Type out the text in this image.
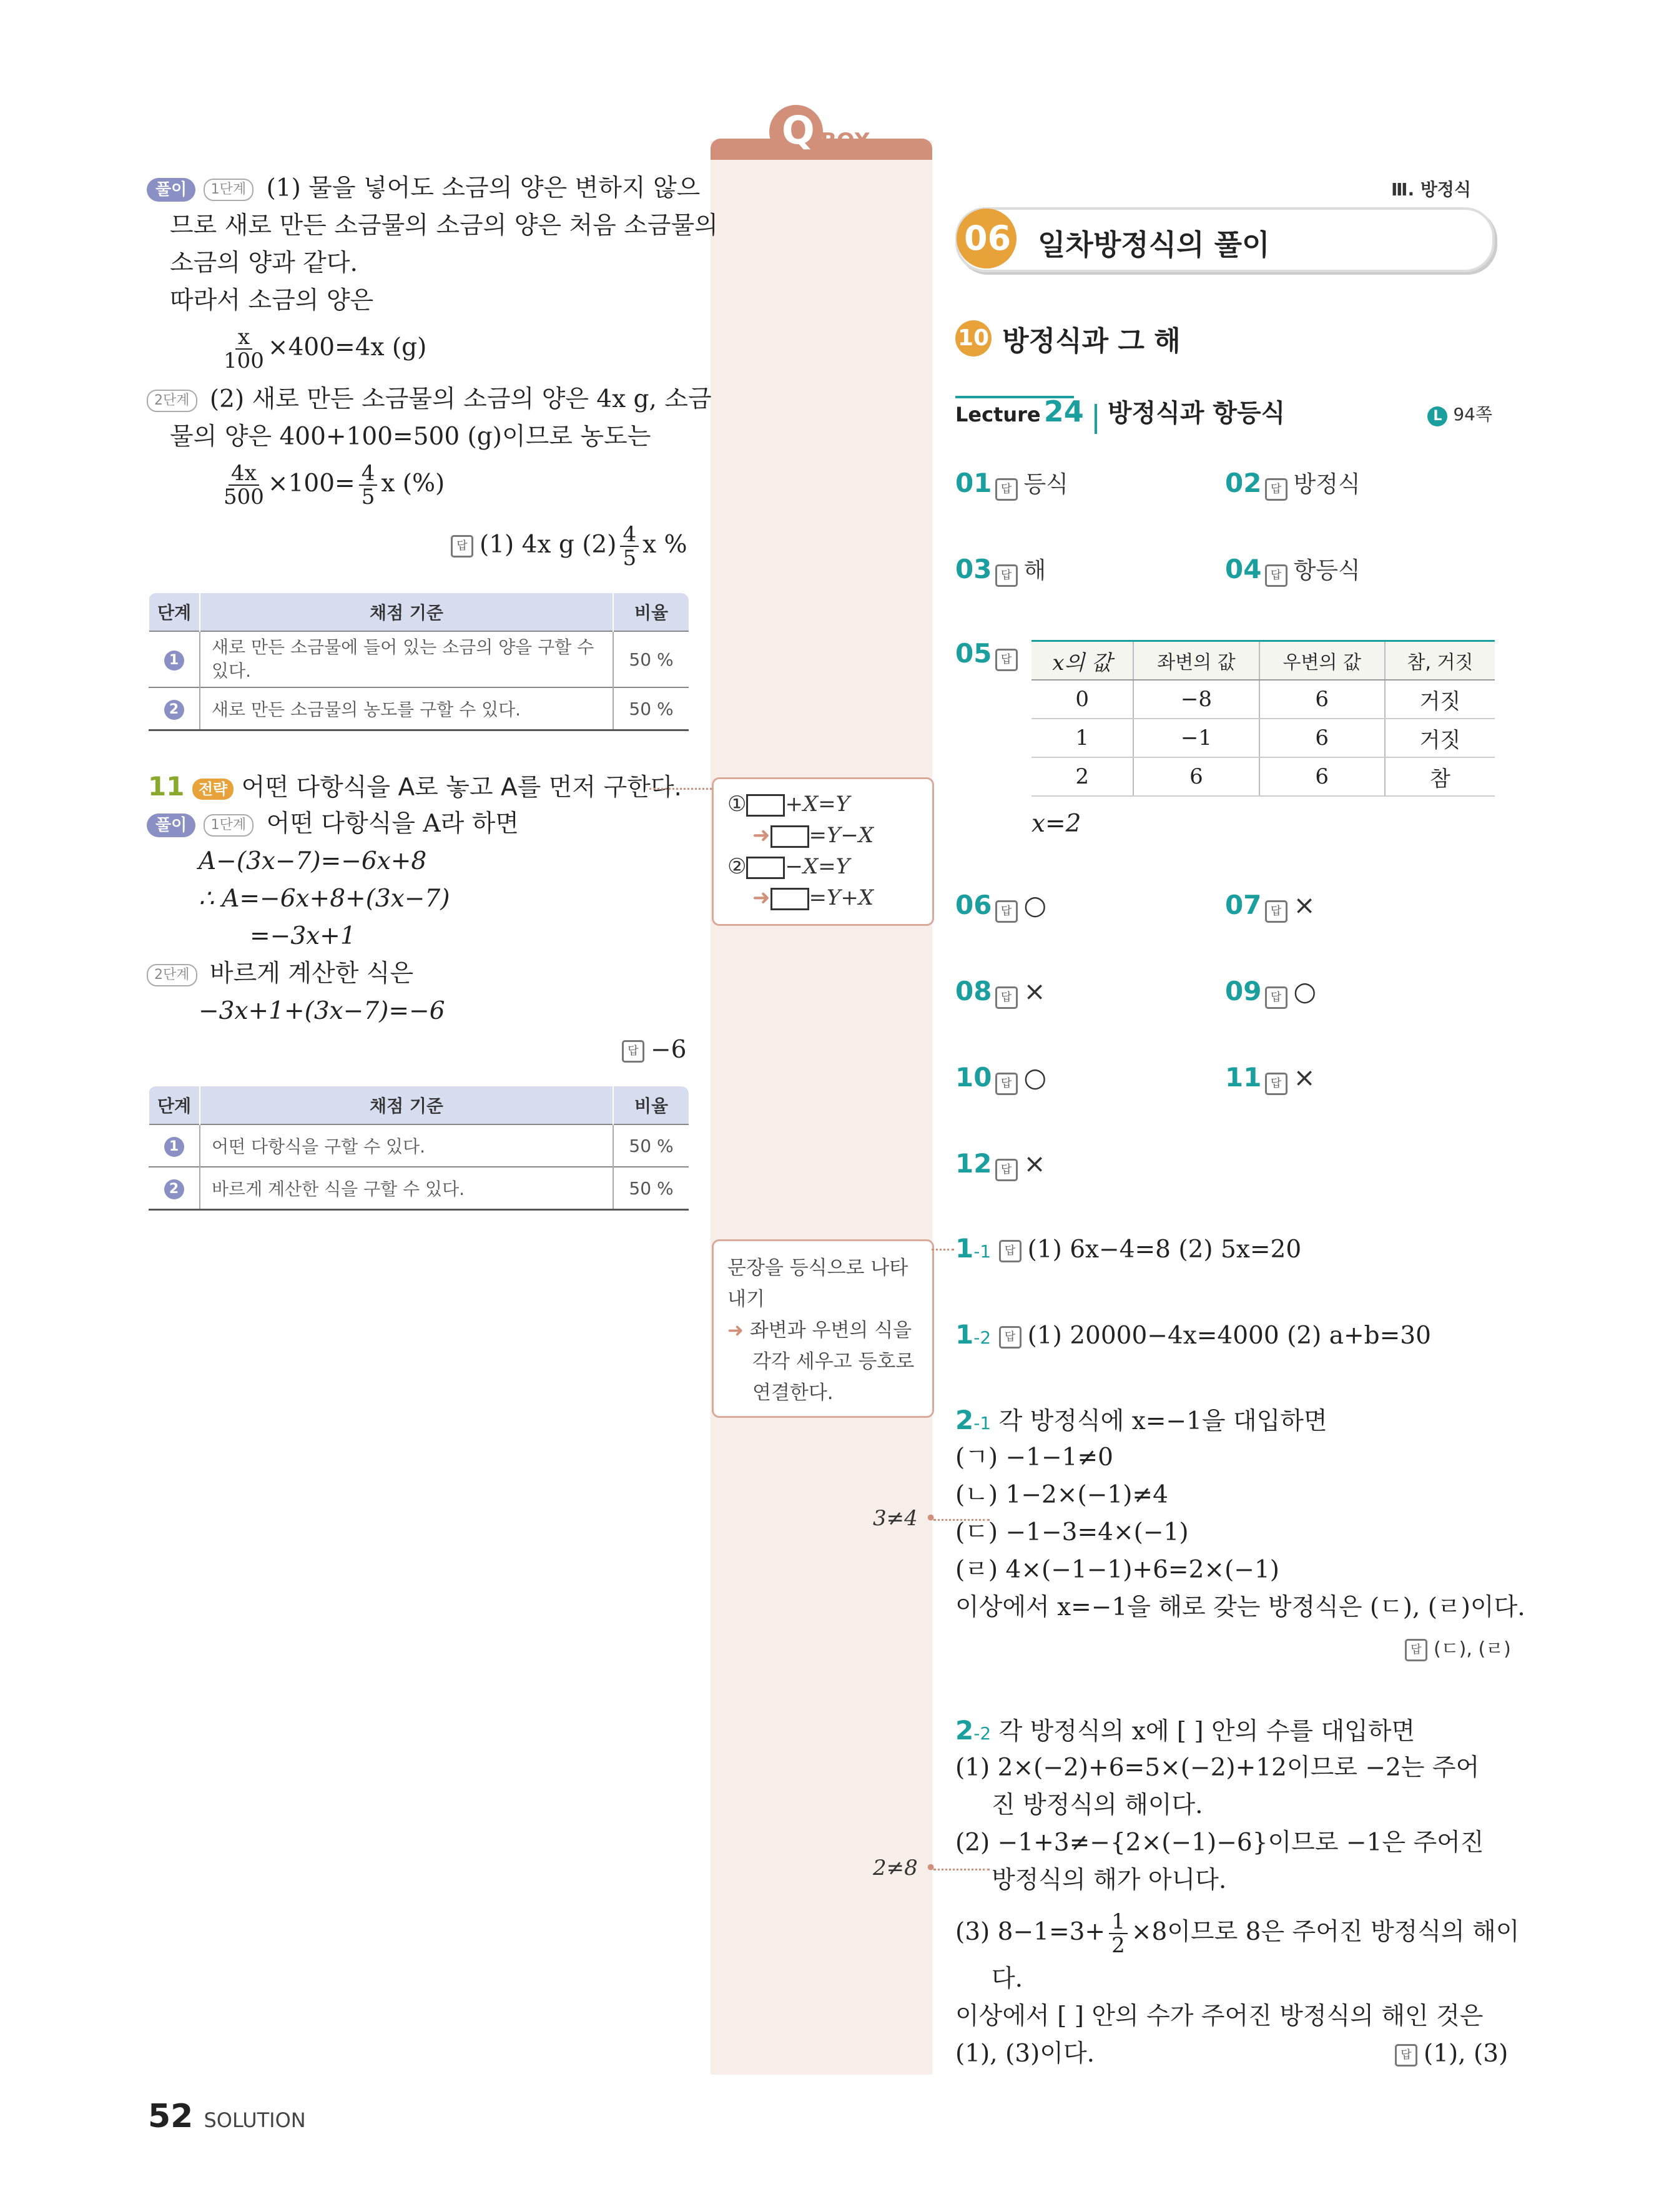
Q BOX
풀이 1단계 (1) 물을 넣어도 소금의 양은 변하지 않으
므로 새로 만든 소금물의 소금의 양은 처음 소금물의
소금의 양과 같다.
따라서 소금의 양은
$\frac{x}{100} \times 400=4x$ (g)
2단계 (2) 새로 만든 소금물의 소금의 양은 4x g, 소금
물의 양은 400+100=500 (g)이므로 농도는
$\frac{4x}{500} \times 100= \frac{4}{5}$ x (%)
답 (1) 4x g $(2) \frac{4}{5}$ x %
단계	채점 기준	비율
1	새로 만든 소금물에 들어 있는 소금의 양을 구할 수 있다.	50 %
2	새로 만든 소금물의 농도를 구할 수 있다.	50 %
11 전략 어떤 다항식을 A로 놓고 A를 먼저 구한다.
풀이 1단계 어떤 다항식을 A라 하면
A−(3x−7)=−6x+8
∴ A=−6x+8+(3x−7)
=−3x+1
2단계 바르게 계산한 식은
−3x+1+(3x−7)=−6
답 −6
단계	채점 기준	비율
1	어떤 다항식을 구할 수 있다.	50 %
2	바르게 계산한 식을 구할 수 있다.	50 %
52 SOLUTION
① +X=Y
➜ =Y−X
② −X=Y
➜ =Y+X
문장을 등식으로 나타
내기
➜ 좌변과 우변의 식을
각각 세우고 등호로
연결한다.
3≠4 •
2≠8 •
Ⅲ. 방정식
06 일차방정식의 풀이
10 방정식과 그 해
Lecture 24 방정식과 항등식	L 94쪽
01 답 등식	02 답 방정식
03 답 해	04 답 항등식
05 답	x의 값	좌변의 값	우변의 값	참, 거짓
0	−8	6	거짓
1	−1	6	거짓
2	6	6	참
x=2
06 답 ○	07 답 ×
08 답 ×	09 답 ○
10 답 ○	11 답 ×
12 답 ×
1-1 답 (1) 6x−4=8 (2) 5x=20
1-2 답 (1) 20000−4x=4000 (2) a+b=30
2-1 각 방정식에 x=−1을 대입하면
(ㄱ) −1−1≠0
(ㄴ) 1−2×(−1)≠4
(ㄷ) −1−3=4×(−1)
(ㄹ) 4×(−1−1)+6=2×(−1)
이상에서 x=−1을 해로 갖는 방정식은 (ㄷ), (ㄹ)이다.
답 (ㄷ), (ㄹ)
2-2 각 방정식의 x에 [ ] 안의 수를 대입하면
(1) 2×(−2)+6=5×(−2)+12이므로 −2는 주어
진 방정식의 해이다.
(2) −1+3≠−{2×(−1)−6}이므로 −1은 주어진
방정식의 해가 아니다.
(3) $8-1=3+ \frac{1}{2} \times 8$이므로 8은 주어진 방정식의 해이
다.
이상에서 [ ] 안의 수가 주어진 방정식의 해인 것은
(1), (3)이다.	답 (1), (3)
